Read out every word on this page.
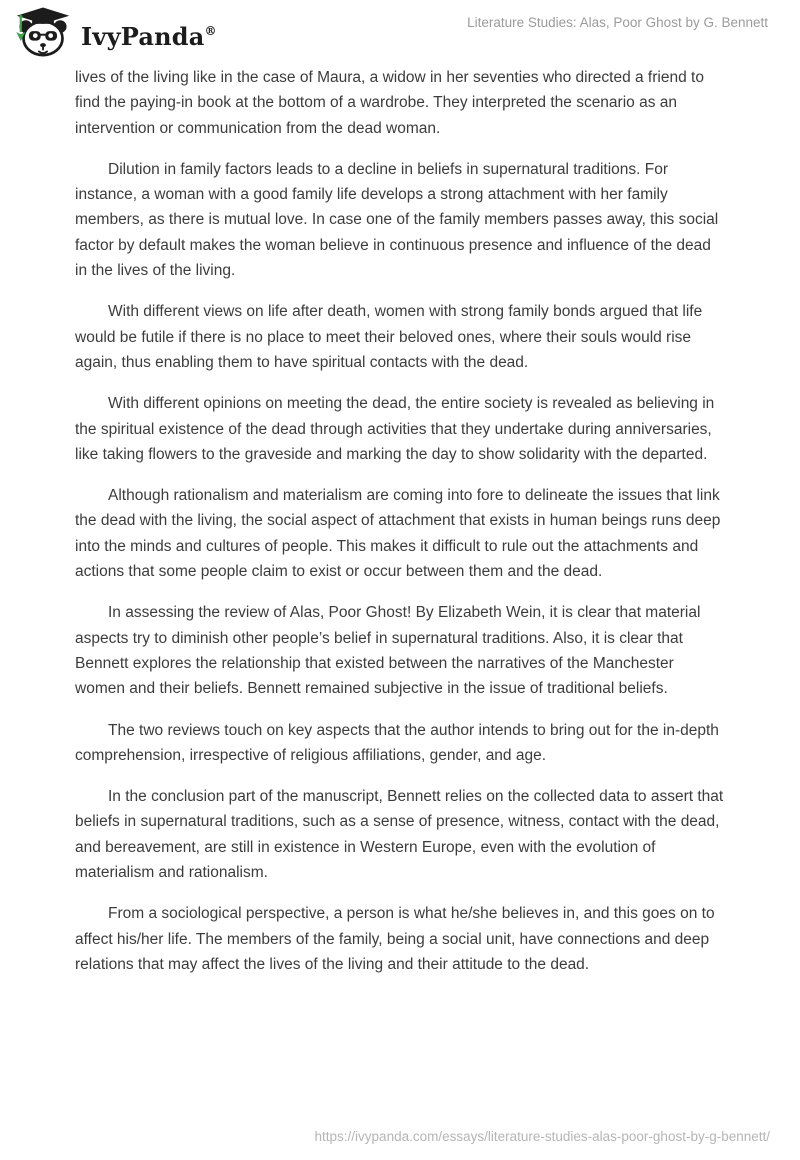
IvyPanda®
Literature Studies: Alas, Poor Ghost by G. Bennett

lives of the living like in the case of Maura, a widow in her seventies who directed a friend to find the paying-in book at the bottom of a wardrobe. They interpreted the scenario as an intervention or communication from the dead woman.

Dilution in family factors leads to a decline in beliefs in supernatural traditions. For instance, a woman with a good family life develops a strong attachment with her family members, as there is mutual love. In case one of the family members passes away, this social factor by default makes the woman believe in continuous presence and influence of the dead in the lives of the living.

With different views on life after death, women with strong family bonds argued that life would be futile if there is no place to meet their beloved ones, where their souls would rise again, thus enabling them to have spiritual contacts with the dead.

With different opinions on meeting the dead, the entire society is revealed as believing in the spiritual existence of the dead through activities that they undertake during anniversaries, like taking flowers to the graveside and marking the day to show solidarity with the departed.

Although rationalism and materialism are coming into fore to delineate the issues that link the dead with the living, the social aspect of attachment that exists in human beings runs deep into the minds and cultures of people. This makes it difficult to rule out the attachments and actions that some people claim to exist or occur between them and the dead.

In assessing the review of Alas, Poor Ghost! By Elizabeth Wein, it is clear that material aspects try to diminish other people’s belief in supernatural traditions. Also, it is clear that Bennett explores the relationship that existed between the narratives of the Manchester women and their beliefs. Bennett remained subjective in the issue of traditional beliefs.

The two reviews touch on key aspects that the author intends to bring out for the in-depth comprehension, irrespective of religious affiliations, gender, and age.

In the conclusion part of the manuscript, Bennett relies on the collected data to assert that beliefs in supernatural traditions, such as a sense of presence, witness, contact with the dead, and bereavement, are still in existence in Western Europe, even with the evolution of materialism and rationalism.

From a sociological perspective, a person is what he/she believes in, and this goes on to affect his/her life. The members of the family, being a social unit, have connections and deep relations that may affect the lives of the living and their attitude to the dead.

https://ivypanda.com/essays/literature-studies-alas-poor-ghost-by-g-bennett/
